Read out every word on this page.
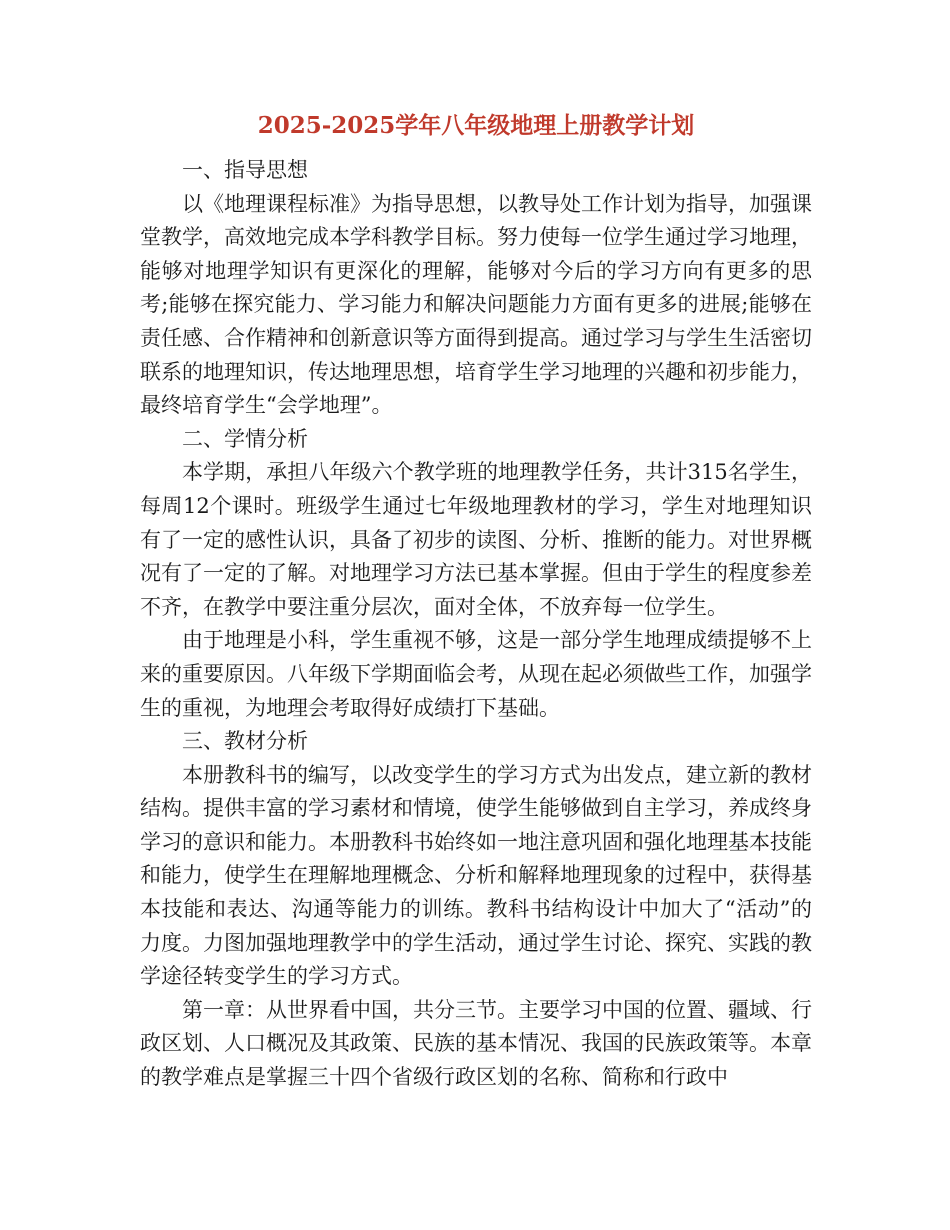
2025-2025学年八年级地理上册教学计划

一、指导思想

以《地理课程标准》为指导思想，以教导处工作计划为指导，加强课堂教学，高效地完成本学科教学目标。努力使每一位学生通过学习地理，能够对地理学知识有更深化的理解，能够对今后的学习方向有更多的思考;能够在探究能力、学习能力和解决问题能力方面有更多的进展;能够在责任感、合作精神和创新意识等方面得到提高。通过学习与学生生活密切联系的地理知识，传达地理思想，培育学生学习地理的兴趣和初步能力，最终培育学生“会学地理”。

二、学情分析

本学期，承担八年级六个教学班的地理教学任务，共计315名学生，每周12个课时。班级学生通过七年级地理教材的学习，学生对地理知识有了一定的感性认识，具备了初步的读图、分析、推断的能力。对世界概况有了一定的了解。对地理学习方法已基本掌握。但由于学生的程度参差不齐，在教学中要注重分层次，面对全体，不放弃每一位学生。

由于地理是小科，学生重视不够，这是一部分学生地理成绩提够不上来的重要原因。八年级下学期面临会考，从现在起必须做些工作，加强学生的重视，为地理会考取得好成绩打下基础。

三、教材分析

本册教科书的编写，以改变学生的学习方式为出发点，建立新的教材结构。提供丰富的学习素材和情境，使学生能够做到自主学习，养成终身学习的意识和能力。本册教科书始终如一地注意巩固和强化地理基本技能和能力，使学生在理解地理概念、分析和解释地理现象的过程中，获得基本技能和表达、沟通等能力的训练。教科书结构设计中加大了“活动”的力度。力图加强地理教学中的学生活动，通过学生讨论、探究、实践的教学途径转变学生的学习方式。

第一章：从世界看中国，共分三节。主要学习中国的位置、疆域、行政区划、人口概况及其政策、民族的基本情况、我国的民族政策等。本章的教学难点是掌握三十四个省级行政区划的名称、简称和行政中
